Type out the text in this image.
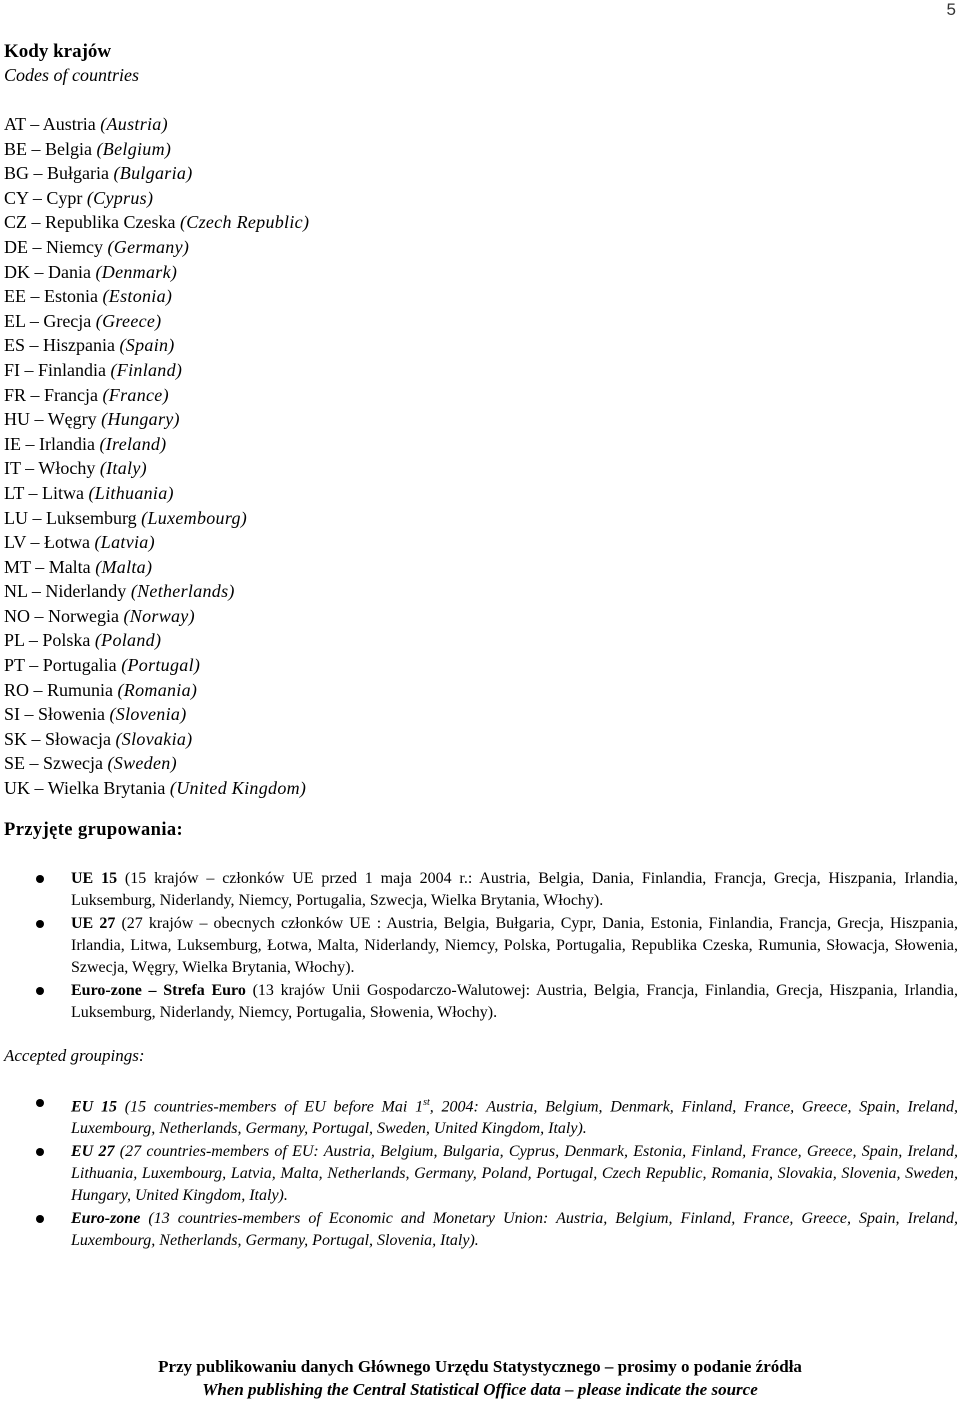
5
Kody krajów
Codes of countries
AT – Austria (Austria)
BE – Belgia (Belgium)
BG – Bułgaria (Bulgaria)
CY – Cypr (Cyprus)
CZ – Republika Czeska (Czech Republic)
DE – Niemcy (Germany)
DK – Dania (Denmark)
EE – Estonia (Estonia)
EL – Grecja (Greece)
ES – Hiszpania (Spain)
FI – Finlandia (Finland)
FR – Francja (France)
HU – Węgry (Hungary)
IE – Irlandia (Ireland)
IT – Włochy (Italy)
LT – Litwa (Lithuania)
LU – Luksemburg (Luxembourg)
LV – Łotwa (Latvia)
MT – Malta (Malta)
NL – Niderlandy (Netherlands)
NO – Norwegia (Norway)
PL – Polska (Poland)
PT – Portugalia (Portugal)
RO – Rumunia (Romania)
SI – Słowenia (Slovenia)
SK – Słowacja (Slovakia)
SE – Szwecja (Sweden)
UK – Wielka Brytania (United Kingdom)
Przyjęte grupowania:
UE 15 (15 krajów – członków UE przed 1 maja 2004 r.: Austria, Belgia, Dania, Finlandia, Francja, Grecja, Hiszpania, Irlandia, Luksemburg, Niderlandy, Niemcy, Portugalia, Szwecja, Wielka Brytania, Włochy).
UE 27 (27 krajów – obecnych członków UE : Austria, Belgia, Bułgaria, Cypr, Dania, Estonia, Finlandia, Francja, Grecja, Hiszpania, Irlandia, Litwa, Luksemburg, Łotwa, Malta, Niderlandy, Niemcy, Polska, Portugalia, Republika Czeska, Rumunia, Słowacja, Słowenia, Szwecja, Węgry, Wielka Brytania, Włochy).
Euro-zone – Strefa Euro (13 krajów Unii Gospodarczo-Walutowej: Austria, Belgia, Francja, Finlandia, Grecja, Hiszpania, Irlandia, Luksemburg, Niderlandy, Niemcy, Portugalia, Słowenia, Włochy).
Accepted groupings:
EU 15 (15 countries-members of EU before Mai 1st, 2004: Austria, Belgium, Denmark, Finland, France, Greece, Spain, Ireland, Luxembourg, Netherlands, Germany, Portugal, Sweden, United Kingdom, Italy).
EU 27 (27 countries-members of EU: Austria, Belgium, Bulgaria, Cyprus, Denmark, Estonia, Finland, France, Greece, Spain, Ireland, Lithuania, Luxembourg, Latvia, Malta, Netherlands, Germany, Poland, Portugal, Czech Republic, Romania, Slovakia, Slovenia, Sweden, Hungary, United Kingdom, Italy).
Euro-zone (13 countries-members of Economic and Monetary Union: Austria, Belgium, Finland, France, Greece, Spain, Ireland, Luxembourg, Netherlands, Germany, Portugal, Slovenia, Italy).
Przy publikowaniu danych Głównego Urzędu Statystycznego – prosimy o podanie źródła
When publishing the Central Statistical Office data – please indicate the source
